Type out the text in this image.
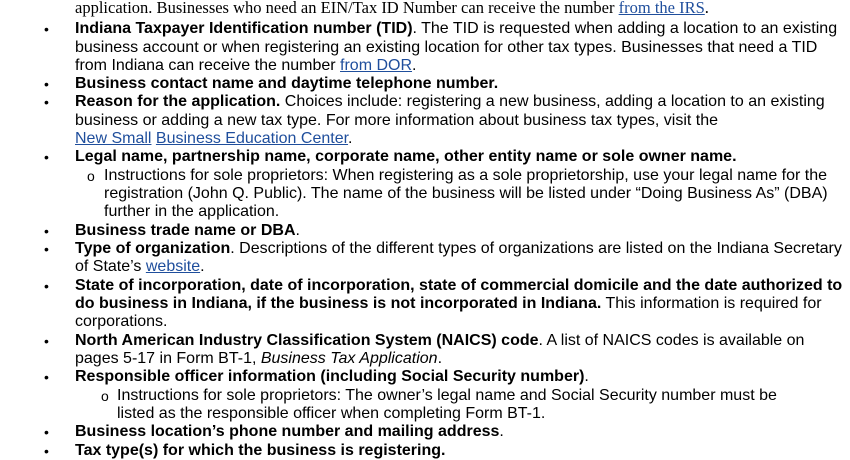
application. Businesses who need an EIN/Tax ID Number can receive the number from the IRS.
• Indiana Taxpayer Identification number (TID). The TID is requested when adding a location to an existing
business account or when registering an existing location for other tax types. Businesses that need a TID
from Indiana can receive the number from DOR.
• Business contact name and daytime telephone number.
• Reason for the application. Choices include: registering a new business, adding a location to an existing
business or adding a new tax type. For more information about business tax types, visit the
New Small Business Education Center.
• Legal name, partnership name, corporate name, other entity name or sole owner name.
o Instructions for sole proprietors: When registering as a sole proprietorship, use your legal name for the
registration (John Q. Public). The name of the business will be listed under “Doing Business As” (DBA)
further in the application.
• Business trade name or DBA.
• Type of organization. Descriptions of the different types of organizations are listed on the Indiana Secretary
of State’s website.
• State of incorporation, date of incorporation, state of commercial domicile and the date authorized to
do business in Indiana, if the business is not incorporated in Indiana. This information is required for
corporations.
• North American Industry Classification System (NAICS) code. A list of NAICS codes is available on
pages 5-17 in Form BT-1, Business Tax Application.
• Responsible officer information (including Social Security number).
o Instructions for sole proprietors: The owner’s legal name and Social Security number must be
listed as the responsible officer when completing Form BT-1.
• Business location’s phone number and mailing address.
• Tax type(s) for which the business is registering.
